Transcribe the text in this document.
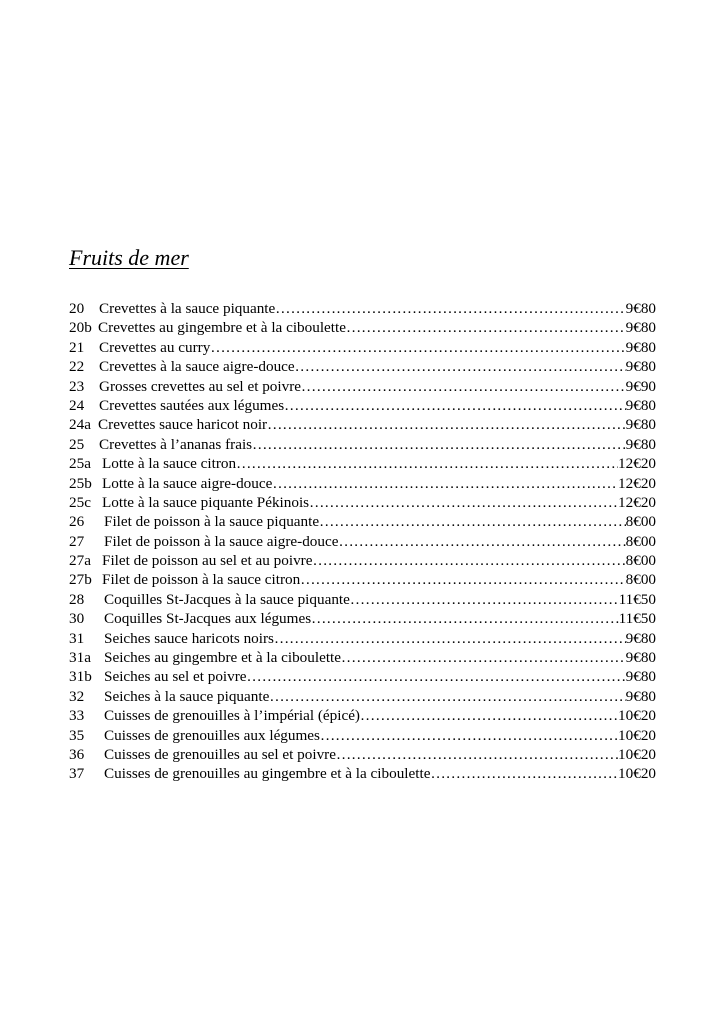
Fruits de mer
20 Crevettes à la sauce piquante ……………………………………………………………………………………………………………………………………………………	9€80
20b Crevettes au gingembre et à la ciboulette ……………………………………………………………………………………………………………………………………………………	9€80
21 Crevettes au curry ……………………………………………………………………………………………………………………………………………………	9€80
22 Crevettes à la sauce aigre-douce ……………………………………………………………………………………………………………………………………………………	9€80
23 Grosses crevettes au sel et poivre ……………………………………………………………………………………………………………………………………………………	9€90
24 Crevettes sautées aux légumes ……………………………………………………………………………………………………………………………………………………	9€80
24a Crevettes sauce haricot noir ……………………………………………………………………………………………………………………………………………………	9€80
25 Crevettes à l’ananas frais ……………………………………………………………………………………………………………………………………………………	9€80
25a Lotte à la sauce citron ……………………………………………………………………………………………………………………………………………………	12€20
25b Lotte à la sauce aigre-douce ……………………………………………………………………………………………………………………………………………………	12€20
25c Lotte à la sauce piquante Pékinois ……………………………………………………………………………………………………………………………………………………	12€20
26	Filet de poisson à la sauce piquante ……………………………………………………………………………………………………………………………………………………	8€00
27	Filet de poisson à la sauce aigre-douce ……………………………………………………………………………………………………………………………………………………	8€00
27a Filet de poisson au sel et au poivre ……………………………………………………………………………………………………………………………………………………	8€00
27b Filet de poisson à la sauce citron ……………………………………………………………………………………………………………………………………………………	8€00
28	Coquilles St-Jacques à la sauce piquante ……………………………………………………………………………………………………………………………………………………	11€50
30	Coquilles St-Jacques aux légumes ……………………………………………………………………………………………………………………………………………………	11€50
31	Seiches sauce haricots noirs ……………………………………………………………………………………………………………………………………………………	9€80
31a Seiches au gingembre et à la ciboulette ……………………………………………………………………………………………………………………………………………………	9€80
31b Seiches au sel et poivre ……………………………………………………………………………………………………………………………………………………	9€80
32	Seiches à la sauce piquante ……………………………………………………………………………………………………………………………………………………	9€80
33	Cuisses de grenouilles à l’impérial (épicé) ……………………………………………………………………………………………………………………………………………………	10€20
35	Cuisses de grenouilles aux légumes ……………………………………………………………………………………………………………………………………………………	10€20
36	Cuisses de grenouilles au sel et poivre ……………………………………………………………………………………………………………………………………………………	10€20
37	Cuisses de grenouilles au gingembre et à la ciboulette ……………………………………………………………………………………………………………………………………………………	10€20
